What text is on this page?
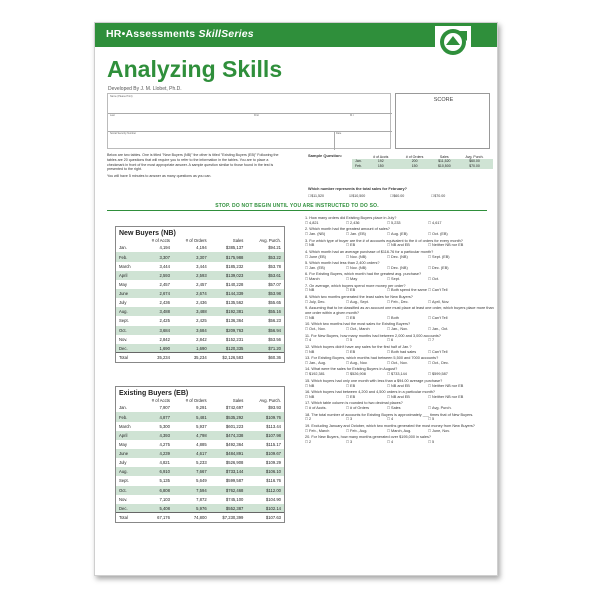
HR•Assessments SkillSeries
Analyzing Skills
Developed By J. M. Llobet, Ph.D.
Name (Please Print)
Last	First	M.I.
Social Security Number	Date
SCORE

Below are two tables. One is titled "New Buyers (NB)" the other is titled "Existing Buyers (EB)" Following the tables are 20 questions that will require you to refer to the information in the tables. You are to place a checkmark in front of the most appropriate answer. A sample question similar to those found in the test is presented to the right.

You will have 5 minutes to answer as many questions as you can.

Sample Question:
		# of Accts	# of Orders	Sales	Avg. Purch.
Jan.	192	200	$11,520	$60.00
Feb.	150	150	$10,500	$70.00
Which number represents the total sales for February?
☐$11,520	☑$10,500	☐$60.00	☐$70.00
STOP. DO NOT BEGIN UNTIL YOU ARE INSTRUCTED TO DO SO.
New Buyers (NB)
	# of Accts	# of Orders	Sales	Avg. Purch.
Jan.	4,194	4,194	$385,137	$94.21
Feb.	3,307	3,307	$175,988	$53.22
March	3,444	3,444	$185,232	$53.78
April	2,593	2,593	$139,023	$53.61
May	2,457	2,457	$140,228	$57.07
June	2,674	2,674	$144,339	$53.98
July	2,436	2,436	$135,562	$55.65
Aug.	3,488	3,488	$192,381	$55.16
Sept.	2,425	2,425	$136,364	$56.23
Oct.	3,684	3,684	$209,763	$56.94
Nov.	2,842	2,842	$152,231	$53.56
Dec.	1,690	1,690	$120,335	$71.20
Total	35,234	35,234	$2,126,583	$60.36
Existing Buyers (EB)
	# of Accts	# of Orders	Sales	Avg. Purch.
Jan.	7,907	9,291	$742,697	$93.93
Feb.	4,877	5,481	$535,292	$109.76
March	5,300	5,937	$601,223	$113.44
April	4,393	4,798	$474,338	$107.98
May	4,275	4,885	$492,364	$115.17
June	4,239	4,617	$484,891	$109.67
July	4,821	5,233	$526,908	$109.29
Aug.	6,910	7,667	$733,144	$106.10
Sept.	5,135	5,649	$599,587	$116.76
Oct.	6,808	7,594	$762,468	$112.00
Nov.	7,103	7,872	$745,100	$104.90
Dec.	5,408	5,976	$552,387	$102.14
Total	67,176	74,800	$7,230,399	$107.63
1. How many orders did Existing Buyers place in July?
☐ 4,821	☐ 2,436	☐ 5,233	☐ 4,617
2. Which month had the greatest amount of sales?
☐ Jan. (NB)	☐ Jan. (EB)	☐ Aug. (EB)	☐ Oct. (EB)
3. For which type of buyer are the # of accounts equivalent to the # of orders for every month?
☐ NB	☐ EB	☐ NB and EB	☐ Neither NB nor EB
4. Which month had an average purchase of $116.76 for a particular month?
☐ June (EB)	☐ Nov. (NB)	☐ Dec. (NB)	☐ Sept. (EB)
5. Which month had less than 2,400 orders?
☐ Jan. (EB)	☐ Nov. (NB)	☐ Dec. (NB)	☐ Dec. (EB)
6. For Existing Buyers, which month had the greatest avg. purchase?
☐ March	☐ May	☐ Sept.	☐ Oct.
7. On average, which buyers spend more money per order?
☐ NB	☐ EB	☐ Both spend the same ☐ Can't Tell
8. Which two months generated the least sales for New Buyers?
☐ July, Dec.	☐ Aug., Sept.	☐ Feb., Dec.	☐ April, Nov.
9. Assuming that to be classified as an account one must place at least one order, which buyers place more than one order within a given month?
☐ NB	☐ EB	☐ Both	☐ Can't Tell
10. Which two months had the most sales for Existing Buyers?
☐ Oct., Nov.	☐ Oct., March	☐ Jan., Nov.	☐ Jan., Oct.
11. For New Buyers, how many months had between 2,000 and 3,000 accounts?
☐ 4	☐ 5	☐ 6	☐ 7
12. Which buyers didn't have any sales for the first half of Jan.?
☐ NB	☐ EB	☐ Both had sales	☐ Can't Tell
13. For Existing Buyers, which months had between 5,500 and 7000 accounts?
☐ Jan., Aug.	☐ Aug., Nov.	☐ Oct., Nov.	☐ Oct., Dec.
14. What were the sales for Existing Buyers in August?
☐ $192,381	☐ $526,908	☐ $733,144	☐ $599,587
15. Which buyers had only one month with less than a $94.00 average purchase?
☐ NB	☐ EB	☐ NB and EB	☐ Neither NB nor EB
16. Which buyers had between 4,200 and 4,500 orders in a particular month?
☐ NB	☐ EB	☐ NB and EB	☐ Neither NB nor EB
17. Which table column is rounded to two decimal places?
☐ # of Accts.	☐ # of Orders	☐ Sales	☐ Avg. Purch.
18. The total number of accounts for Existing Buyers is approximately ___ times that of New Buyers.
☐ 2	☐ 3	☐ 4	☐ 5
19. Excluding January and October, which two months generated the most money from New Buyers?
☐ Feb., March	☐ Feb., Aug.	☐ March, Aug.	☐ June, Nov.
20. For New Buyers, how many months generated over $195,000 in sales?
☐ 2	☐ 3	☐ 4	☐ 5
